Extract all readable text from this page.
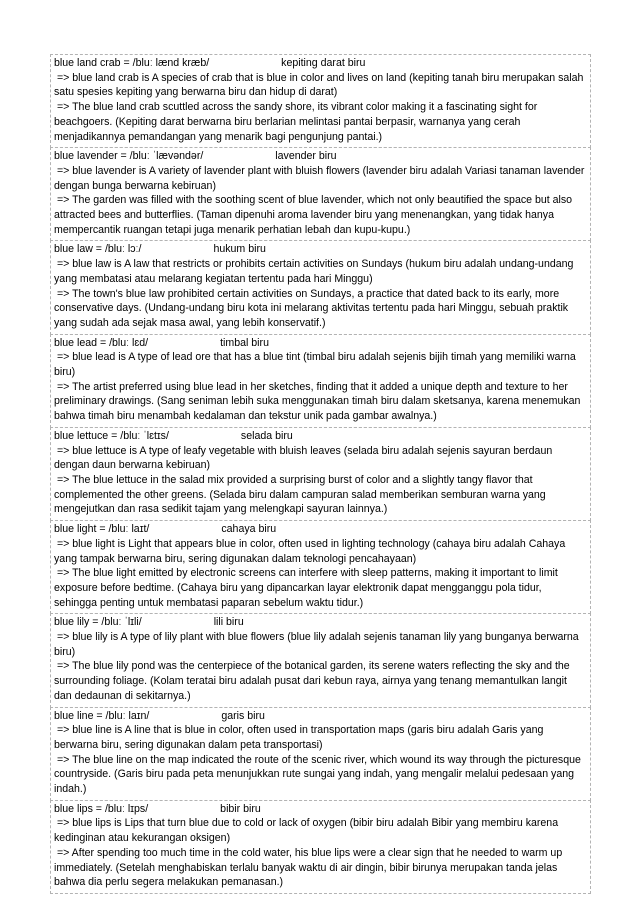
blue land crab = /bluː lænd kræb/	kepiting darat biru
=> blue land crab is A species of crab that is blue in color and lives on land (kepiting tanah biru merupakan salah satu spesies kepiting yang berwarna biru dan hidup di darat)
=> The blue land crab scuttled across the sandy shore, its vibrant color making it a fascinating sight for beachgoers. (Kepiting darat berwarna biru berlarian melintasi pantai berpasir, warnanya yang cerah menjadikannya pemandangan yang menarik bagi pengunjung pantai.)
blue lavender = /bluː ˈlævəndər/	lavender biru
=> blue lavender is A variety of lavender plant with bluish flowers (lavender biru adalah Variasi tanaman lavender dengan bunga berwarna kebiruan)
=> The garden was filled with the soothing scent of blue lavender, which not only beautified the space but also attracted bees and butterflies. (Taman dipenuhi aroma lavender biru yang menenangkan, yang tidak hanya mempercantik ruangan tetapi juga menarik perhatian lebah dan kupu-kupu.)
blue law = /bluː lɔː/	hukum biru
=> blue law is A law that restricts or prohibits certain activities on Sundays (hukum biru adalah undang-undang yang membatasi atau melarang kegiatan tertentu pada hari Minggu)
=> The town's blue law prohibited certain activities on Sundays, a practice that dated back to its early, more conservative days. (Undang-undang biru kota ini melarang aktivitas tertentu pada hari Minggu, sebuah praktik yang sudah ada sejak masa awal, yang lebih konservatif.)
blue lead = /bluː lɛd/	timbal biru
=> blue lead is A type of lead ore that has a blue tint (timbal biru adalah sejenis bijih timah yang memiliki warna biru)
=> The artist preferred using blue lead in her sketches, finding that it added a unique depth and texture to her preliminary drawings. (Sang seniman lebih suka menggunakan timah biru dalam sketsanya, karena menemukan bahwa timah biru menambah kedalaman dan tekstur unik pada gambar awalnya.)
blue lettuce = /bluː ˈlɛtɪs/	selada biru
=> blue lettuce is A type of leafy vegetable with bluish leaves (selada biru adalah sejenis sayuran berdaun dengan daun berwarna kebiruan)
=> The blue lettuce in the salad mix provided a surprising burst of color and a slightly tangy flavor that complemented the other greens. (Selada biru dalam campuran salad memberikan semburan warna yang mengejutkan dan rasa sedikit tajam yang melengkapi sayuran lainnya.)
blue light = /bluː laɪt/	cahaya biru
=> blue light is Light that appears blue in color, often used in lighting technology (cahaya biru adalah Cahaya yang tampak berwarna biru, sering digunakan dalam teknologi pencahayaan)
=> The blue light emitted by electronic screens can interfere with sleep patterns, making it important to limit exposure before bedtime. (Cahaya biru yang dipancarkan layar elektronik dapat mengganggu pola tidur, sehingga penting untuk membatasi paparan sebelum waktu tidur.)
blue lily = /bluː ˈlɪli/	lili biru
=> blue lily is A type of lily plant with blue flowers (blue lily adalah sejenis tanaman lily yang bunganya berwarna biru)
=> The blue lily pond was the centerpiece of the botanical garden, its serene waters reflecting the sky and the surrounding foliage. (Kolam teratai biru adalah pusat dari kebun raya, airnya yang tenang memantulkan langit dan dedaunan di sekitarnya.)
blue line = /bluː laɪn/	garis biru
=> blue line is A line that is blue in color, often used in transportation maps (garis biru adalah Garis yang berwarna biru, sering digunakan dalam peta transportasi)
=> The blue line on the map indicated the route of the scenic river, which wound its way through the picturesque countryside. (Garis biru pada peta menunjukkan rute sungai yang indah, yang mengalir melalui pedesaan yang indah.)
blue lips = /bluː lɪps/	bibir biru
=> blue lips is Lips that turn blue due to cold or lack of oxygen (bibir biru adalah Bibir yang membiru karena kedinginan atau kekurangan oksigen)
=> After spending too much time in the cold water, his blue lips were a clear sign that he needed to warm up immediately. (Setelah menghabiskan terlalu banyak waktu di air dingin, bibir birunya merupakan tanda jelas bahwa dia perlu segera melakukan pemanasan.)
